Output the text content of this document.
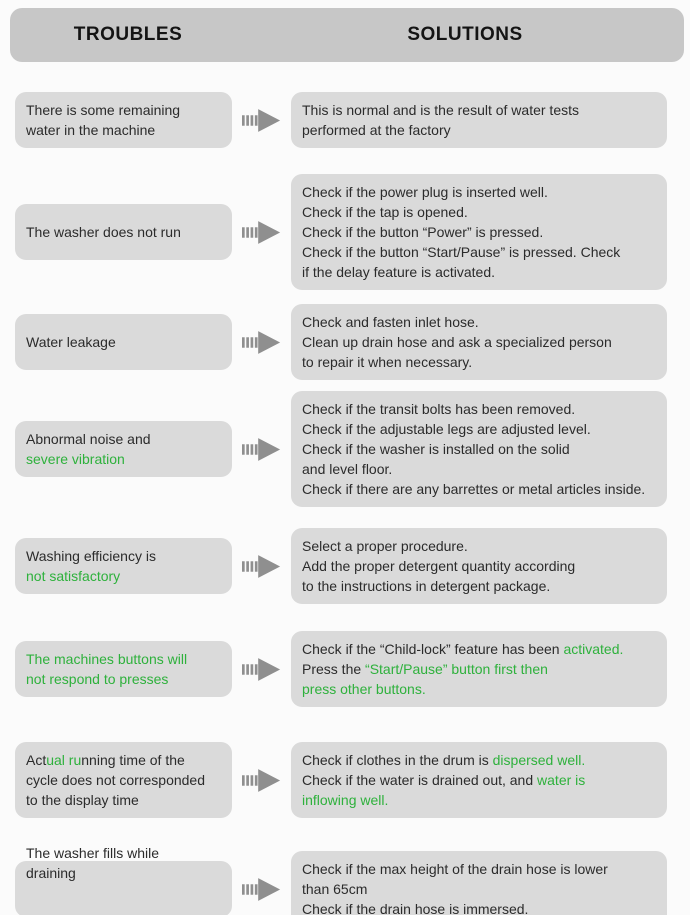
TROUBLES	SOLUTIONS
There is some remaining
water in the machine
This is normal and is the result of water tests
performed at the factory
The washer does not run
Check if the power plug is inserted well.
Check if the tap is opened.
Check if the button “Power” is pressed.
Check if the button “Start/Pause” is pressed. Check
if the delay feature is activated.
Water leakage
Check and fasten inlet hose.
Clean up drain hose and ask a specialized person
to repair it when necessary.
Abnormal noise and
severe vibration
Check if the transit bolts has been removed.
Check if the adjustable legs are adjusted level.
Check if the washer is installed on the solid
and level floor.
Check if there are any barrettes or metal articles inside.
Washing efficiency is
not satisfactory
Select a proper procedure.
Add the proper detergent quantity according
to the instructions in detergent package.
The machines buttons will
not respond to presses
Check if the “Child-lock” feature has been activated.
Press the “Start/Pause” button first then
press other buttons.
Actual running time of the
cycle does not corresponded
to the display time
Check if clothes in the drum is dispersed well.
Check if the water is drained out, and water is
inflowing well.
The washer fills while
draining	Check if the max height of the drain hose is lower
than 65cm
Check if the drain hose is immersed.
